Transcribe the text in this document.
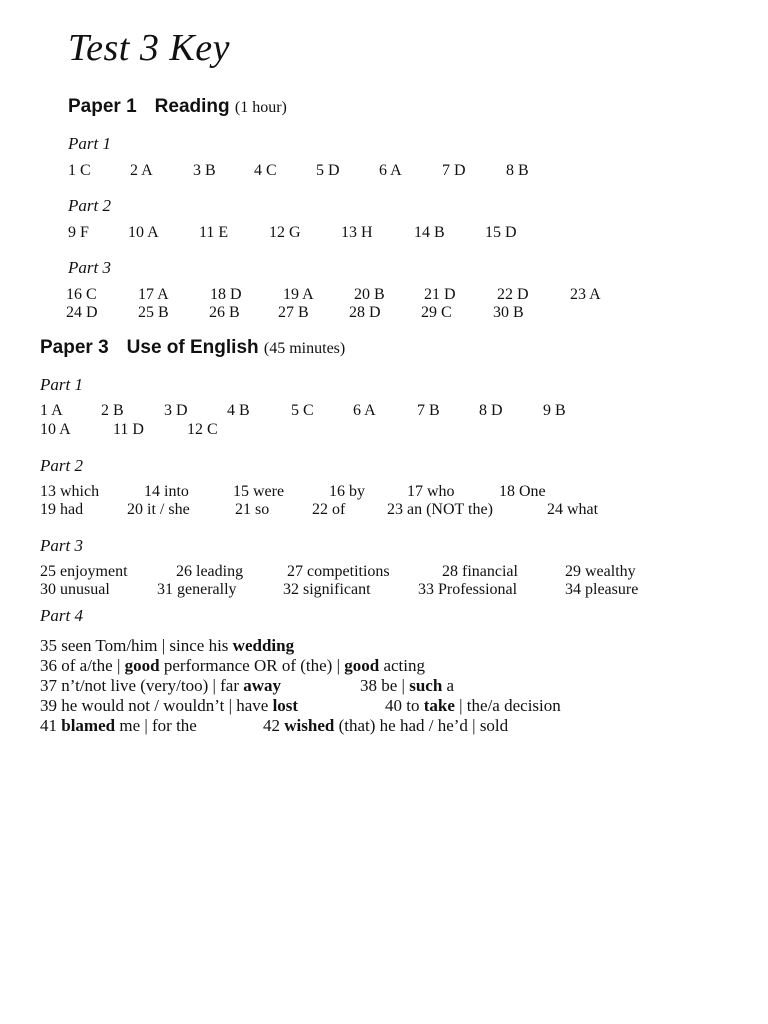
Test 3 Key
Paper 1 Reading (1 hour)
Part 1
1 C 2 A	3 B 4 C 5 D 6 A	7 D	8 B
Part 2
9 F 10 A	11 E	12 G	13 H	14 B	15 D
Part 3
16 C	17 A	18 D	19 A	20 B 21 D	22 D	23 A
24 D	25 B	26 B 27 B	28 D	29 C	30 B
Paper 3 Use of English (45 minutes)
Part 1
1 A 2 B	3 D 4 B	5 C 6 A	7 B 8 D	9 B
10 A	11 D	12 C
Part 2
13 which	14 into	15 were	16 by	17 who	18 One
19 had	20 it / she	21 so	22 of	23 an (NOT the)	24 what
Part 3
25 enjoyment	26 leading	27 competitions	28 financial	29 wealthy
30 unusual	31 generally	32 significant	33 Professional	34 pleasure
Part 4
35 seen Tom/him | since his wedding
36 of a/the | good performance OR of (the) | good acting
37 n’t/not live (very/too) | far away	38 be | such a
39 he would not / wouldn’t | have lost	40 to take | the/a decision
41 blamed me | for the	42 wished (that) he had / he’d | sold
